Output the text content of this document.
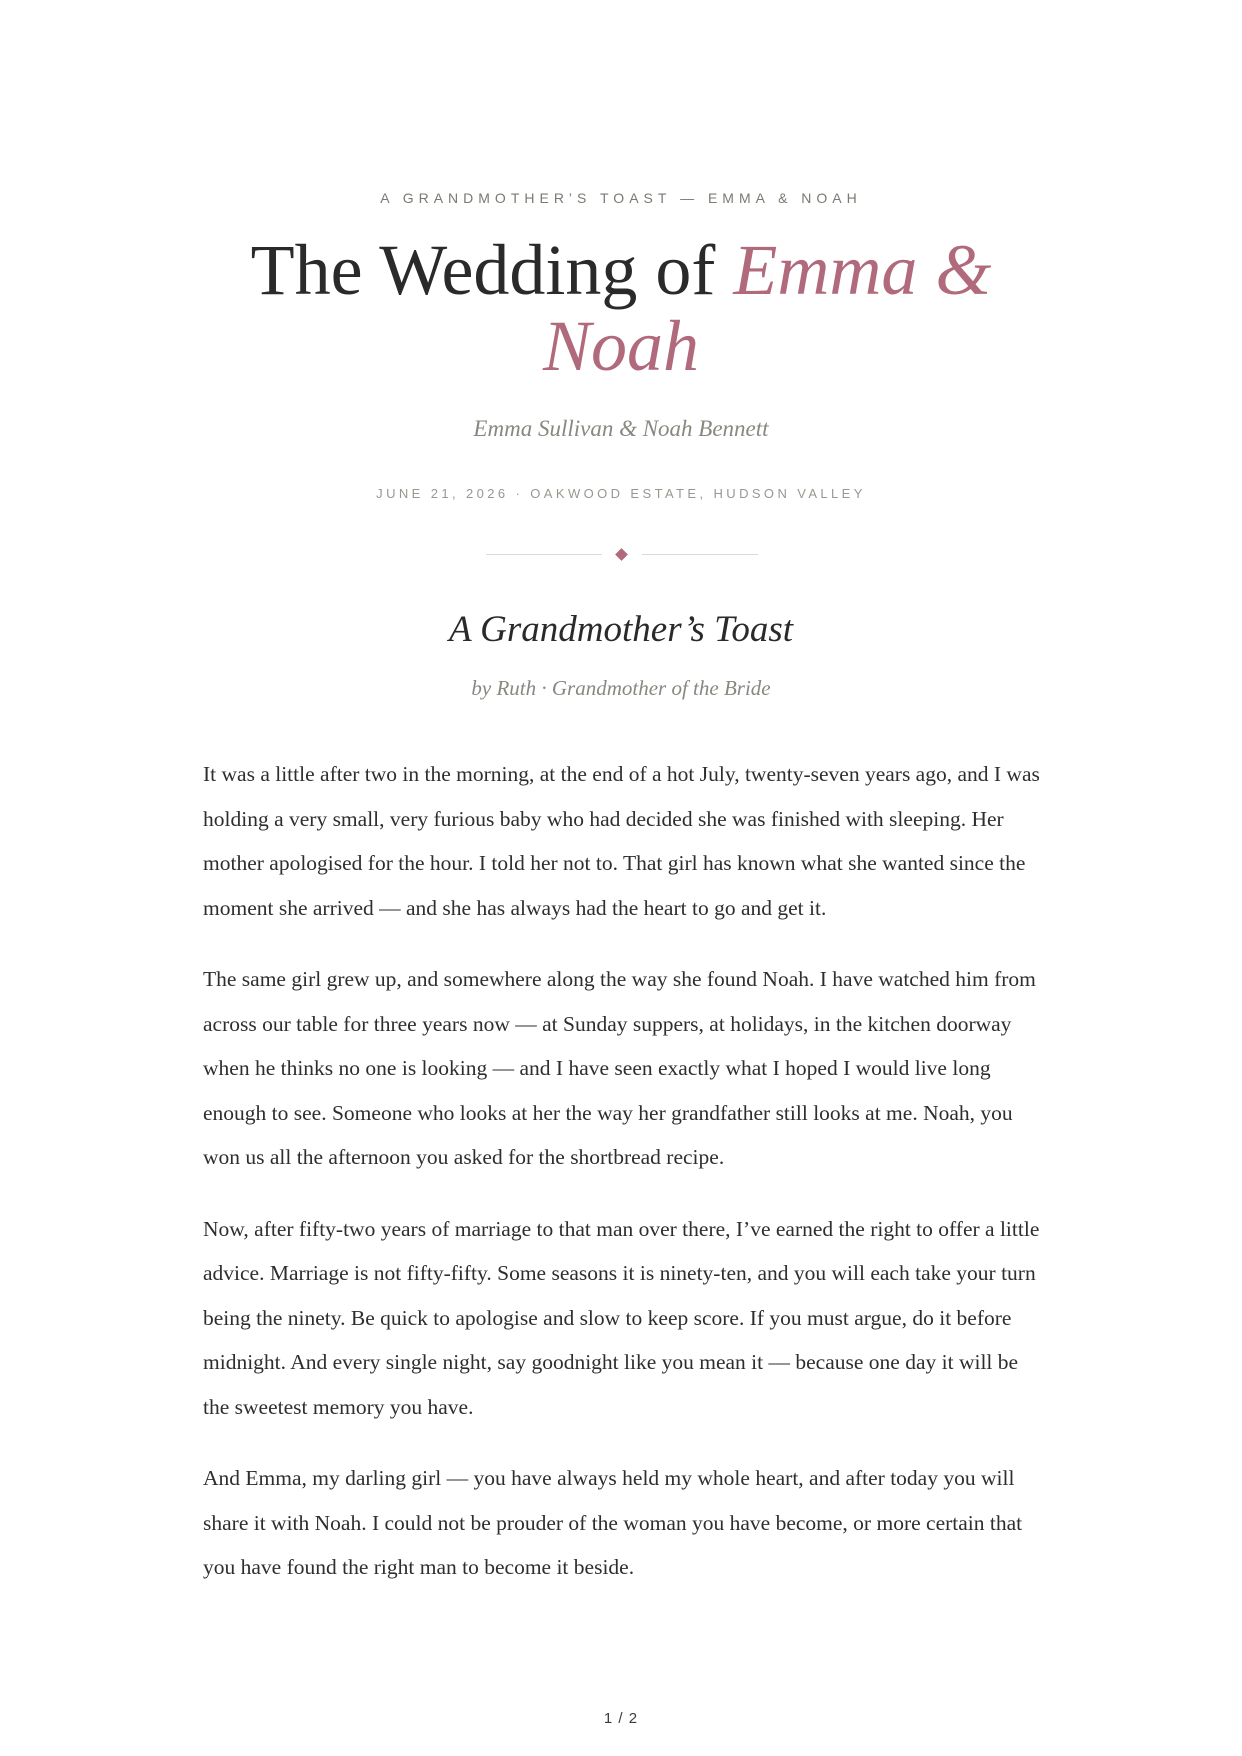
A GRANDMOTHER’S TOAST — EMMA & NOAH
The Wedding of Emma & Noah
Emma Sullivan & Noah Bennett
JUNE 21, 2026 · OAKWOOD ESTATE, HUDSON VALLEY
A Grandmother’s Toast
by Ruth · Grandmother of the Bride

It was a little after two in the morning, at the end of a hot July, twenty-seven years ago, and I was holding a very small, very furious baby who had decided she was finished with sleeping. Her mother apologised for the hour. I told her not to. That girl has known what she wanted since the moment she arrived — and she has always had the heart to go and get it.

The same girl grew up, and somewhere along the way she found Noah. I have watched him from across our table for three years now — at Sunday suppers, at holidays, in the kitchen doorway when he thinks no one is looking — and I have seen exactly what I hoped I would live long enough to see. Someone who looks at her the way her grandfather still looks at me. Noah, you won us all the afternoon you asked for the shortbread recipe.

Now, after fifty-two years of marriage to that man over there, I’ve earned the right to offer a little advice. Marriage is not fifty-fifty. Some seasons it is ninety-ten, and you will each take your turn being the ninety. Be quick to apologise and slow to keep score. If you must argue, do it before midnight. And every single night, say goodnight like you mean it — because one day it will be the sweetest memory you have.

And Emma, my darling girl — you have always held my whole heart, and after today you will share it with Noah. I could not be prouder of the woman you have become, or more certain that you have found the right man to become it beside.

1 / 2
